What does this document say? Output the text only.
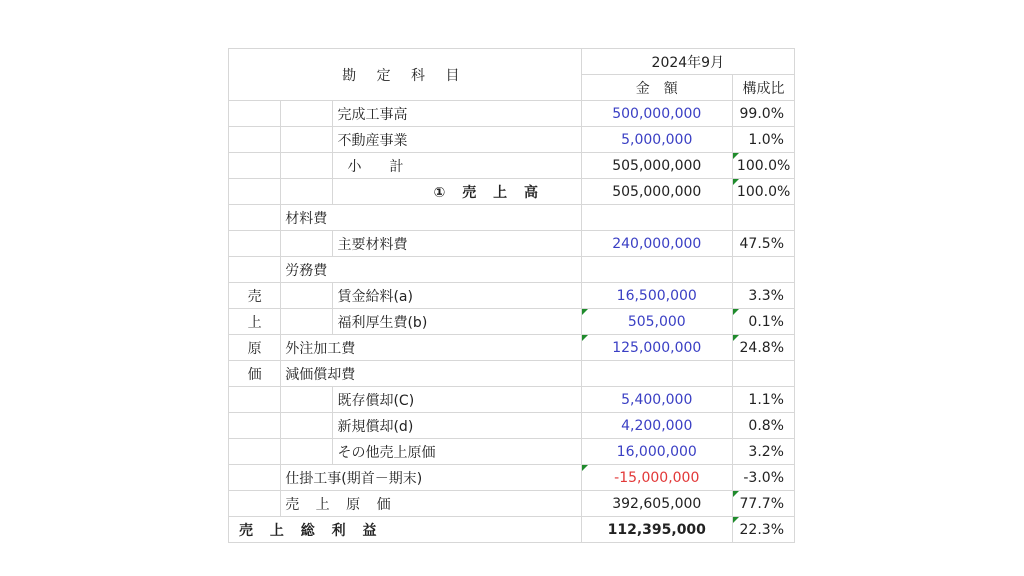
勘 定 科 目			2024年9月	
			金　額	構成比
		完成工事高	500,000,000	99.0%
		不動産事業	5,000,000	1.0%
		小　　計	505,000,000	100.0%
		① 売 上 高	505,000,000	100.0%
	材料費			
		主要材料費	240,000,000	47.5%
	労務費			
売		賃金給料(a)	16,500,000	3.3%
上		福利厚生費(b)	505,000	0.1%
原	外注加工費		125,000,000	24.8%
価	減価償却費			
		既存償却(C)	5,400,000	1.1%
		新規償却(d)	4,200,000	0.8%
		その他売上原価	16,000,000	3.2%
	仕掛工事(期首－期末)		-15,000,000	-3.0%
	売 上 原 価		392,605,000	77.7%
売 上 総 利 益			112,395,000	22.3%
